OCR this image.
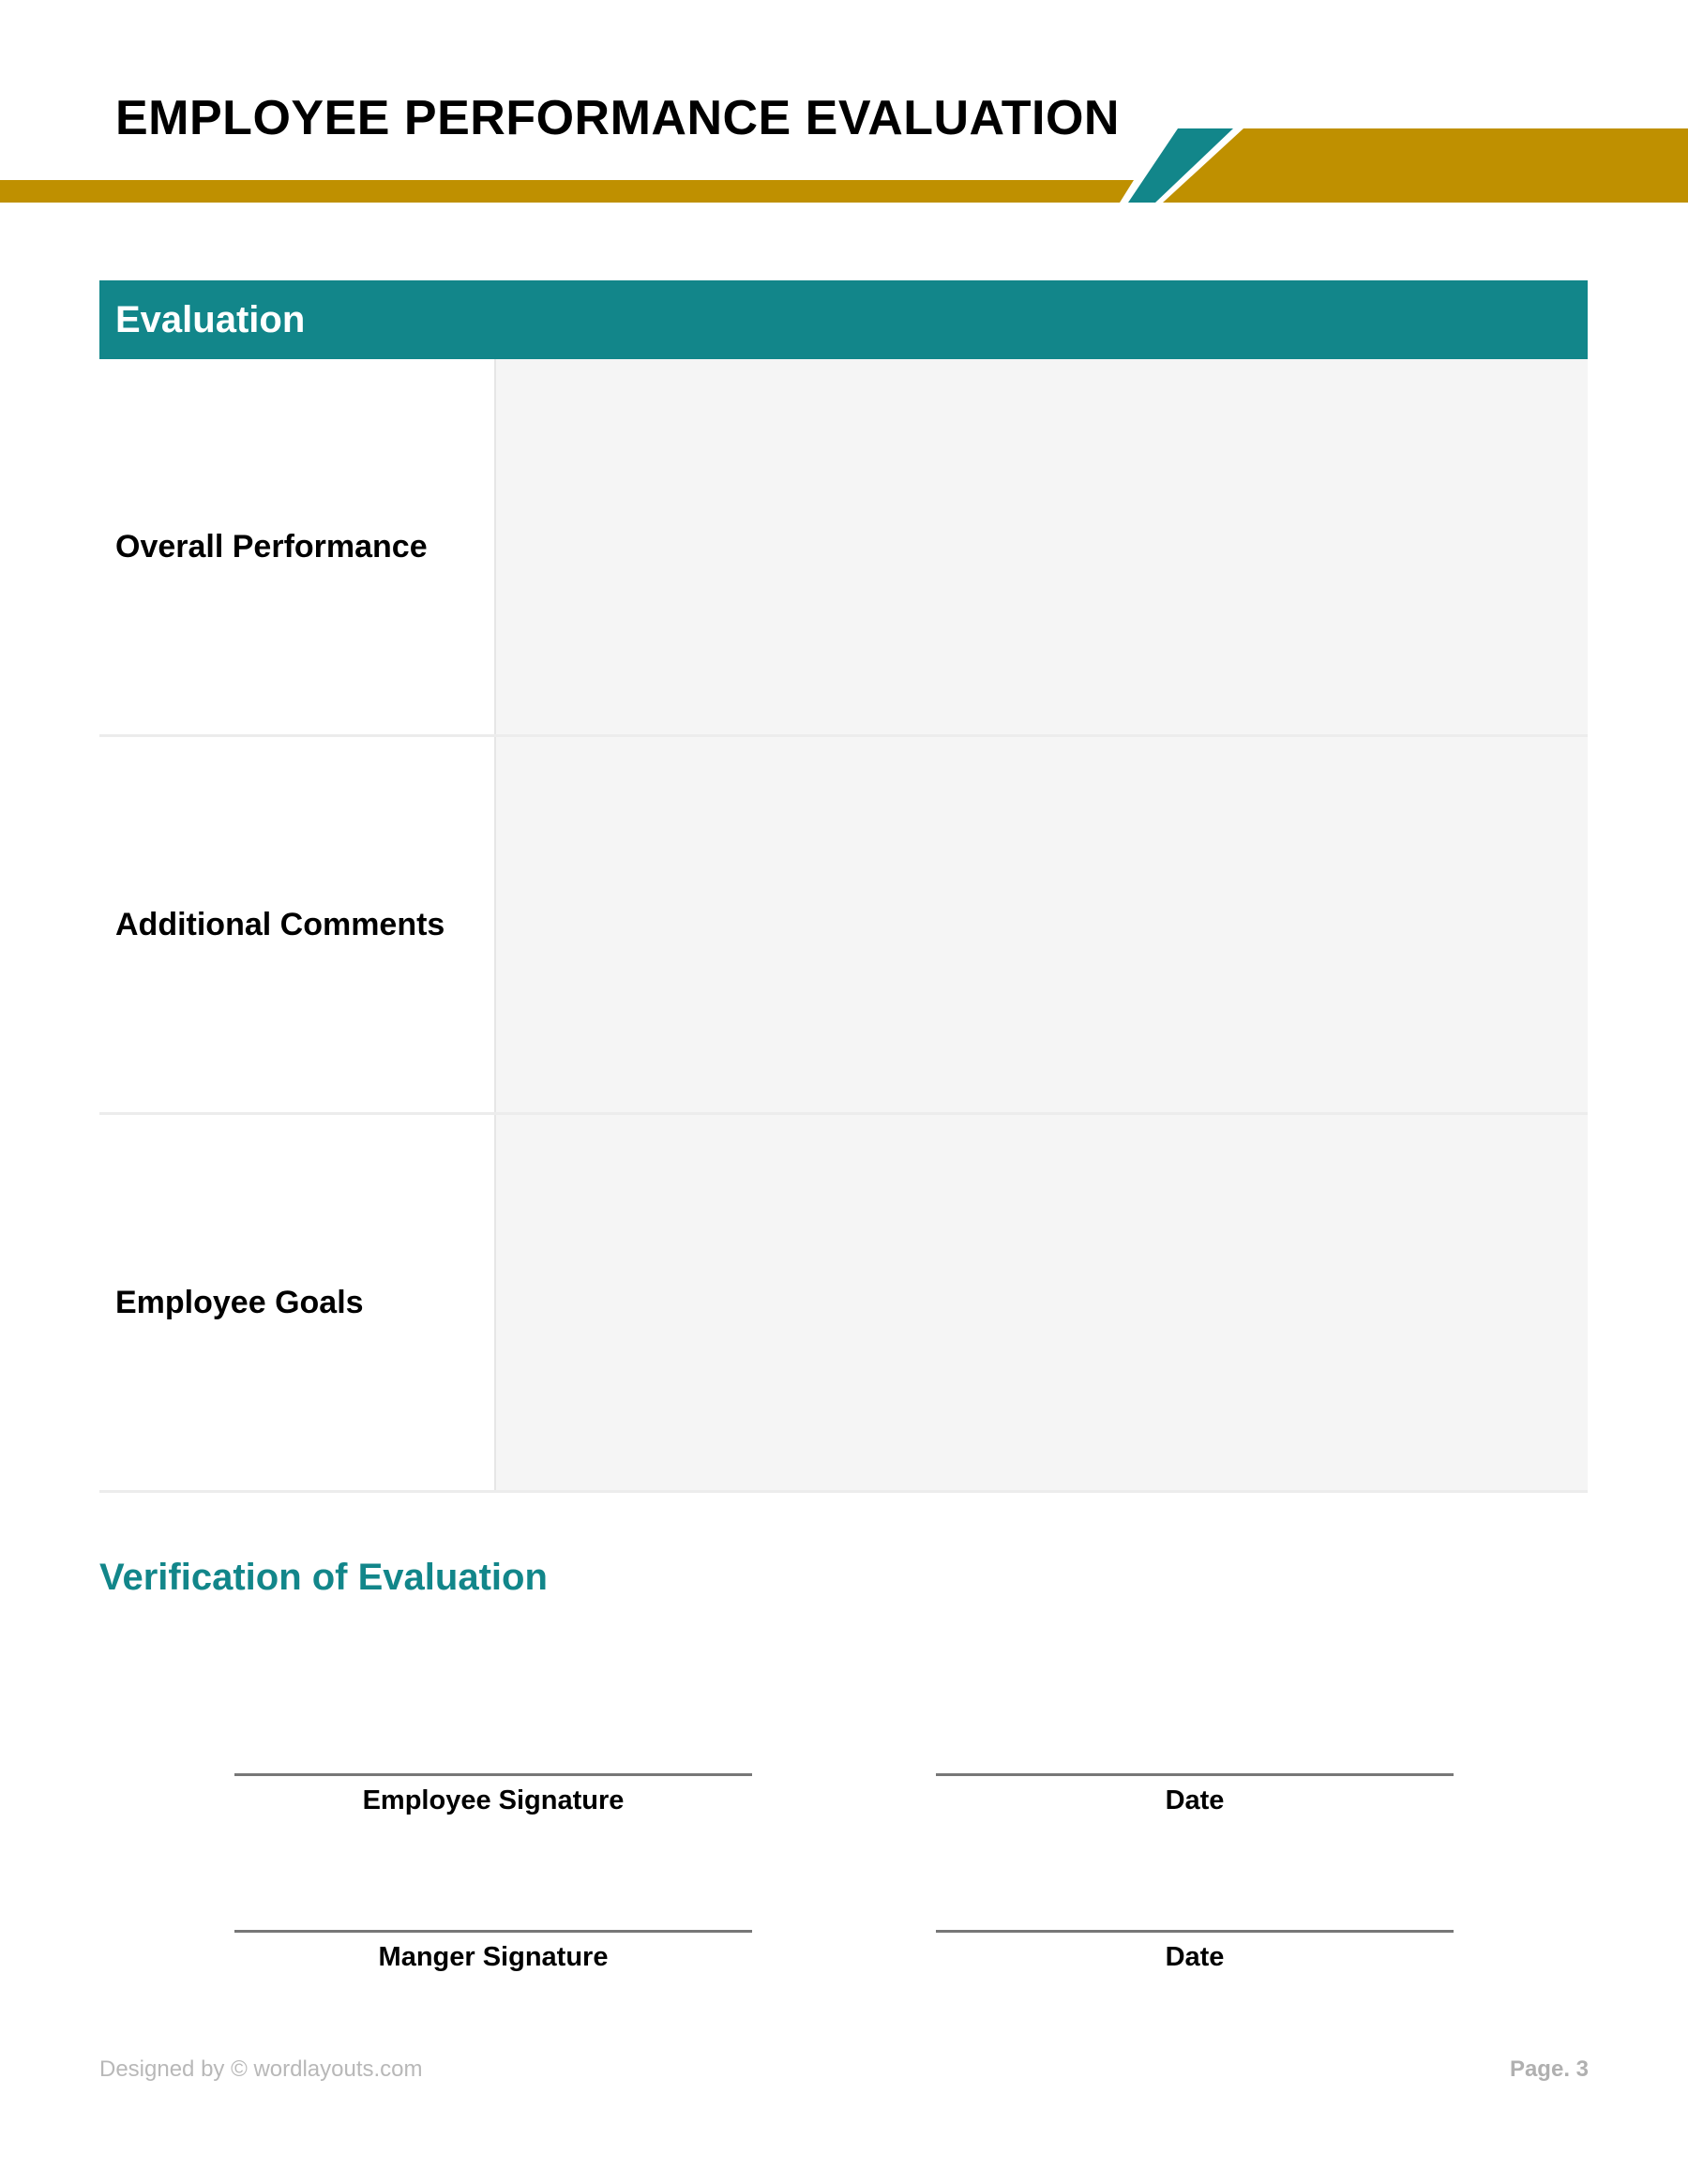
EMPLOYEE PERFORMANCE EVALUATION
Evaluation
Overall Performance
Additional Comments
Employee Goals
Verification of Evaluation
Employee Signature	Date
Manger Signature	Date
Designed by © wordlayouts.com	Page. 3
